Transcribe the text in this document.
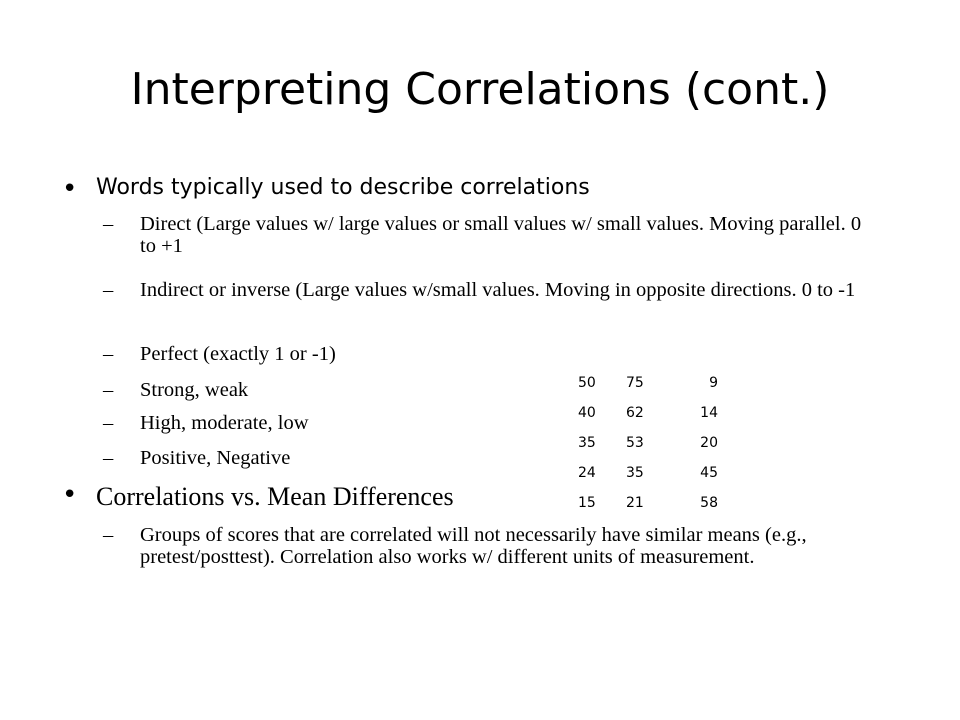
Interpreting Correlations (cont.)
• Words typically used to describe correlations
– Direct (Large values w/ large values or small values w/ small values. Moving parallel. 0 to +1
– Indirect or inverse (Large values w/small values. Moving in opposite directions. 0 to -1
– Perfect (exactly 1 or -1)
– Strong, weak
– High, moderate, low
– Positive, Negative
• Correlations vs. Mean Differences
– Groups of scores that are correlated will not necessarily have similar means (e.g., pretest/posttest). Correlation also works w/ different units of measurement.
50	75	9
40	62	14
35	53	20
24	35	45
15	21	58
